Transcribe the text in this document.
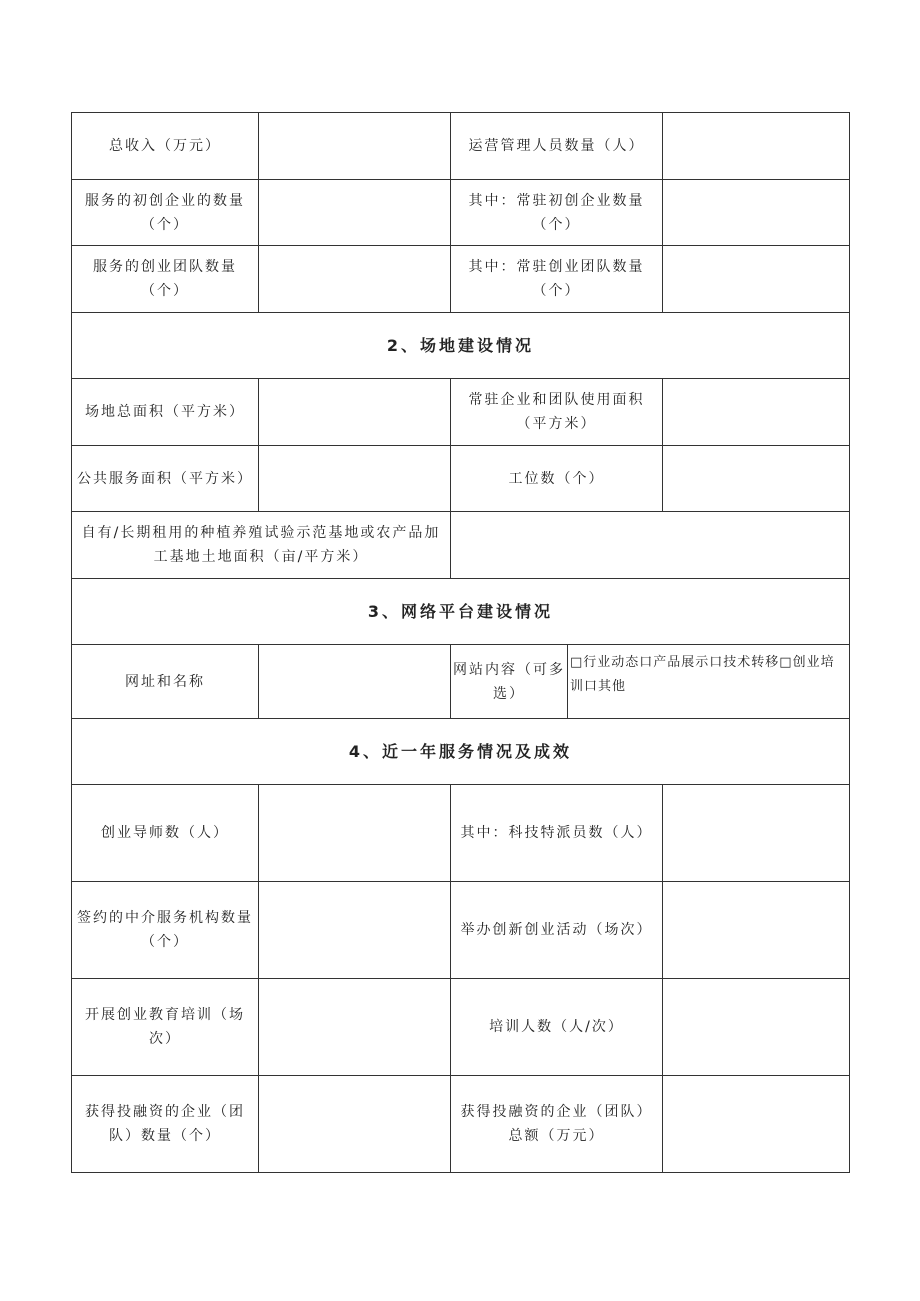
总收入（万元）		运营管理人员数量（人）		
服务的初创企业的数量（个）		其中：常驻初创企业数量（个）		
服务的创业团队数量（个）		其中：常驻创业团队数量（个）		
2、场地建设情况				
场地总面积（平方米）		常驻企业和团队使用面积（平方米）		
公共服务面积（平方米）		工位数（个）		
自有/长期租用的种植养殖试验示范基地或农产品加工基地土地面积（亩/平方米）				
3、网络平台建设情况				
网址和名称		网站内容（可多选）	□行业动态口产品展示口技术转移□创业培训口其他	
4、近一年服务情况及成效				
创业导师数（人）		其中：科技特派员数（人）		
签约的中介服务机构数量（个）		举办创新创业活动（场次）		
开展创业教育培训（场次）		培训人数（人/次）		
获得投融资的企业（团队）数量（个）		获得投融资的企业（团队）总额（万元）		
